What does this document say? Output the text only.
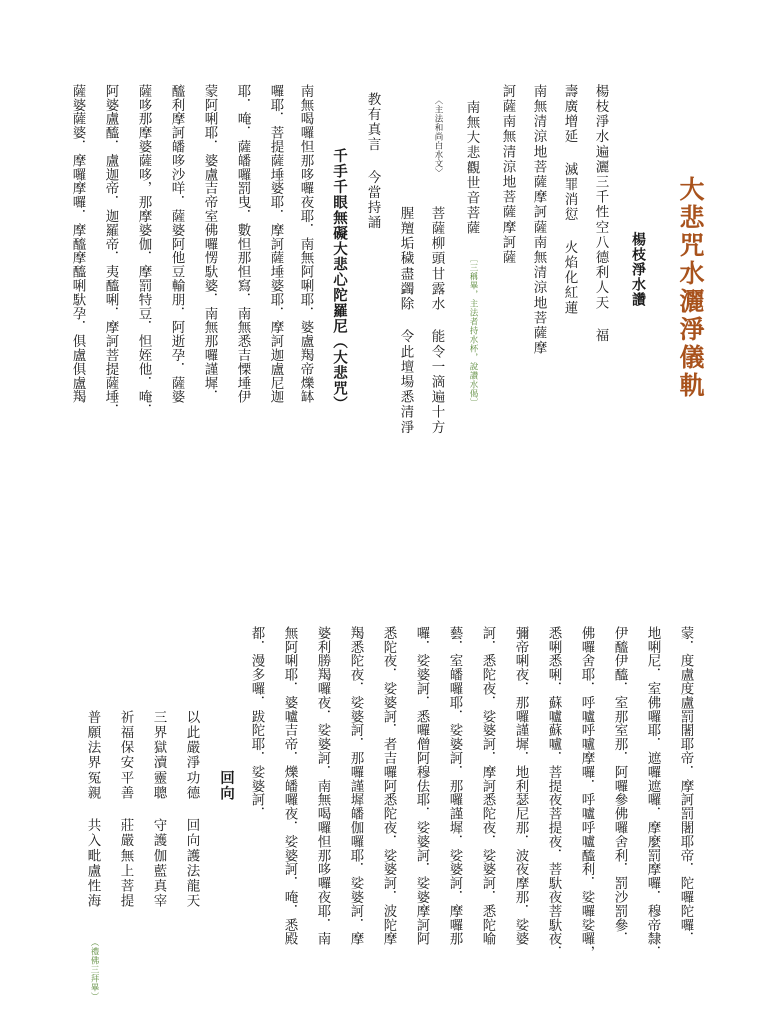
大悲咒水灑淨儀軌
楊枝淨水讚
楊枝淨水遍灑三千性空八德利人天 福
壽廣增延 滅罪消愆 火焰化紅蓮
南無清涼地菩薩摩訶薩南無清涼地菩薩摩
訶薩南無清涼地菩薩摩訶薩
南無大悲觀世音菩薩
〔三稱畢，主法者持水杯，說讚水偈〕
〈主法和尚白水文〉
菩薩柳頭甘露水 能令一滴遍十方
腥羶垢穢盡蠲除 令此壇場悉清淨
教有真言 今當持誦
千手千眼無礙大悲心陀羅尼（大悲咒）
南無喝囉怛那哆囉夜耶．南無阿唎耶．婆盧羯帝爍缽
囉耶．菩提薩埵婆耶．摩訶薩埵婆耶．摩訶迦盧尼迦
耶．唵．薩皤囉罰曳．數怛那怛寫．南無悉吉慄埵伊
蒙阿唎耶．婆盧吉帝室佛囉愣馱婆．南無那囉謹墀．
醯利摩訶皤哆沙咩．薩婆阿他豆輸朋．阿逝孕．薩婆
薩哆那摩婆薩哆，那摩婆伽．摩罰特豆．怛姪他．唵．
阿婆盧醯．盧迦帝．迦羅帝．夷醯唎．摩訶菩提薩埵．
薩婆薩婆．摩囉摩囉．摩醯摩醯唎馱孕．俱盧俱盧羯
蒙．度盧度盧罰闍耶帝．摩訶罰闍耶帝．陀囉陀囉．
地唎尼．室佛囉耶．遮囉遮囉．摩麼罰摩囉．穆帝隸．
伊醯伊醯．室那室那．阿囉參佛囉舍利．罰沙罰參．
佛囉舍耶．呼嚧呼嚧摩囉．呼嚧呼嚧醯利．娑囉娑囉，
悉唎悉唎．蘇嚧蘇嚧．菩提夜菩提夜．菩馱夜菩馱夜．
彌帝唎夜．那囉謹墀．地利瑟尼那．波夜摩那．娑婆
訶．悉陀夜．娑婆訶．摩訶悉陀夜．娑婆訶．悉陀喻
藝．室皤囉耶．娑婆訶．那囉謹墀．娑婆訶．摩囉那
囉．娑婆訶．悉囉僧阿穆佉耶．娑婆訶．娑婆摩訶阿
悉陀夜．娑婆訶．者吉囉阿悉陀夜．娑婆訶．波陀摩
羯悉陀夜．娑婆訶．那囉謹墀皤伽囉耶．娑婆訶．摩
婆利勝羯囉夜．娑婆訶．南無喝囉怛那哆囉夜耶．南
無阿唎耶．婆嚧吉帝．爍皤囉夜．娑婆訶．唵．悉殿
都．漫多囉．跋陀耶．娑婆訶．
回向
以此嚴淨功德 回向護法龍天
三界獄瀆靈聰 守護伽藍真宰
祈福保安平善 莊嚴無上菩提
普願法界冤親 共入毗盧性海
（禮佛三拜畢）
